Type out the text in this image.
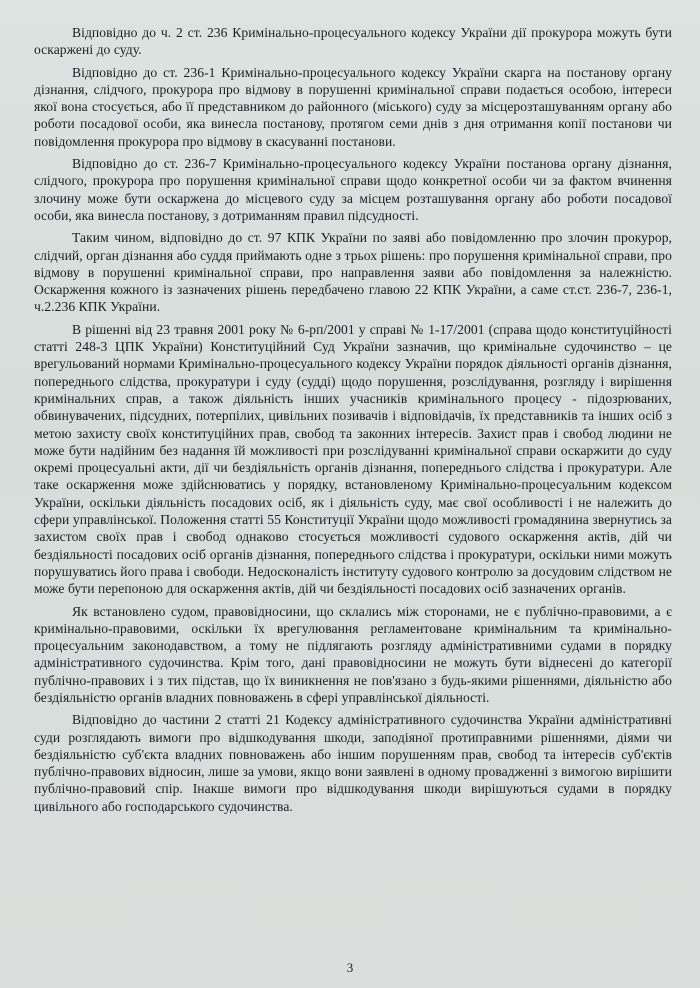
Відповідно до ч. 2 ст. 236 Кримінально-процесуального кодексу України дії прокурора можуть бути оскаржені до суду.

Відповідно до ст. 236-1 Кримінально-процесуального кодексу України скарга на постанову органу дізнання, слідчого, прокурора про відмову в порушенні кримінальної справи подається особою, інтереси якої вона стосується, або її представником до районного (міського) суду за місцерозташуванням органу або роботи посадової особи, яка винесла постанову, протягом семи днів з дня отримання копії постанови чи повідомлення прокурора про відмову в скасуванні постанови.

Відповідно до ст. 236-7 Кримінально-процесуального кодексу України постанова органу дізнання, слідчого, прокурора про порушення кримінальної справи щодо конкретної особи чи за фактом вчинення злочину може бути оскаржена до місцевого суду за місцем розташування органу або роботи посадової особи, яка винесла постанову, з дотриманням правил підсудності.

Таким чином, відповідно до ст. 97 КПК України по заяві або повідомленню про злочин прокурор, слідчий, орган дізнання або суддя приймають одне з трьох рішень: про порушення кримінальної справи, про відмову в порушенні кримінальної справи, про направлення заяви або повідомлення за належністю. Оскарження кожного із зазначених рішень передбачено главою 22 КПК України, а саме ст.ст. 236-7, 236-1, ч.2.236 КПК України.

В рішенні від 23 травня 2001 року № 6-рп/2001 у справі № 1-17/2001 (справа щодо конституційності статті 248-3 ЦПК України) Конституційний Суд України зазначив, що кримінальне судочинство – це врегульований нормами Кримінально-процесуального кодексу України порядок діяльності органів дізнання, попереднього слідства, прокуратури і суду (судді) щодо порушення, розслідування, розгляду і вирішення кримінальних справ, а також діяльність інших учасників кримінального процесу - підозрюваних, обвинувачених, підсудних, потерпілих, цивільних позивачів і відповідачів, їх представників та інших осіб з метою захисту своїх конституційних прав, свобод та законних інтересів. Захист прав і свобод людини не може бути надійним без надання їй можливості при розслідуванні кримінальної справи оскаржити до суду окремі процесуальні акти, дії чи бездіяльність органів дізнання, попереднього слідства і прокуратури. Але таке оскарження може здійснюватись у порядку, встановленому Кримінально-процесуальним кодексом України, оскільки діяльність посадових осіб, як і діяльність суду, має свої особливості і не належить до сфери управлінської. Положення статті 55 Конституції України щодо можливості громадянина звернутись за захистом своїх прав і свобод однаково стосується можливості судового оскарження актів, дій чи бездіяльності посадових осіб органів дізнання, попереднього слідства і прокуратури, оскільки ними можуть порушуватись його права і свободи. Недосконалість інституту судового контролю за досудовим слідством не може бути перепоною для оскарження актів, дій чи бездіяльності посадових осіб зазначених органів.

Як встановлено судом, правовідносини, що склались між сторонами, не є публічно-правовими, а є кримінально-правовими, оскільки їх врегулювання регламентоване кримінальним та кримінально-процесуальним законодавством, а тому не підлягають розгляду адміністративними судами в порядку адміністративного судочинства. Крім того, дані правовідносини не можуть бути віднесені до категорії публічно-правових і з тих підстав, що їх виникнення не пов'язано з будь-якими рішеннями, діяльністю або бездіяльністю органів владних повноважень в сфері управлінської діяльності.

Відповідно до частини 2 статті 21 Кодексу адміністративного судочинства України адміністративні суди розглядають вимоги про відшкодування шкоди, заподіяної протиправними рішеннями, діями чи бездіяльністю суб'єкта владних повноважень або іншим порушенням прав, свобод та інтересів суб'єктів публічно-правових відносин, лише за умови, якщо вони заявлені в одному провадженні з вимогою вирішити публічно-правовий спір. Інакше вимоги про відшкодування шкоди вирішуються судами в порядку цивільного або господарського судочинства.

3
